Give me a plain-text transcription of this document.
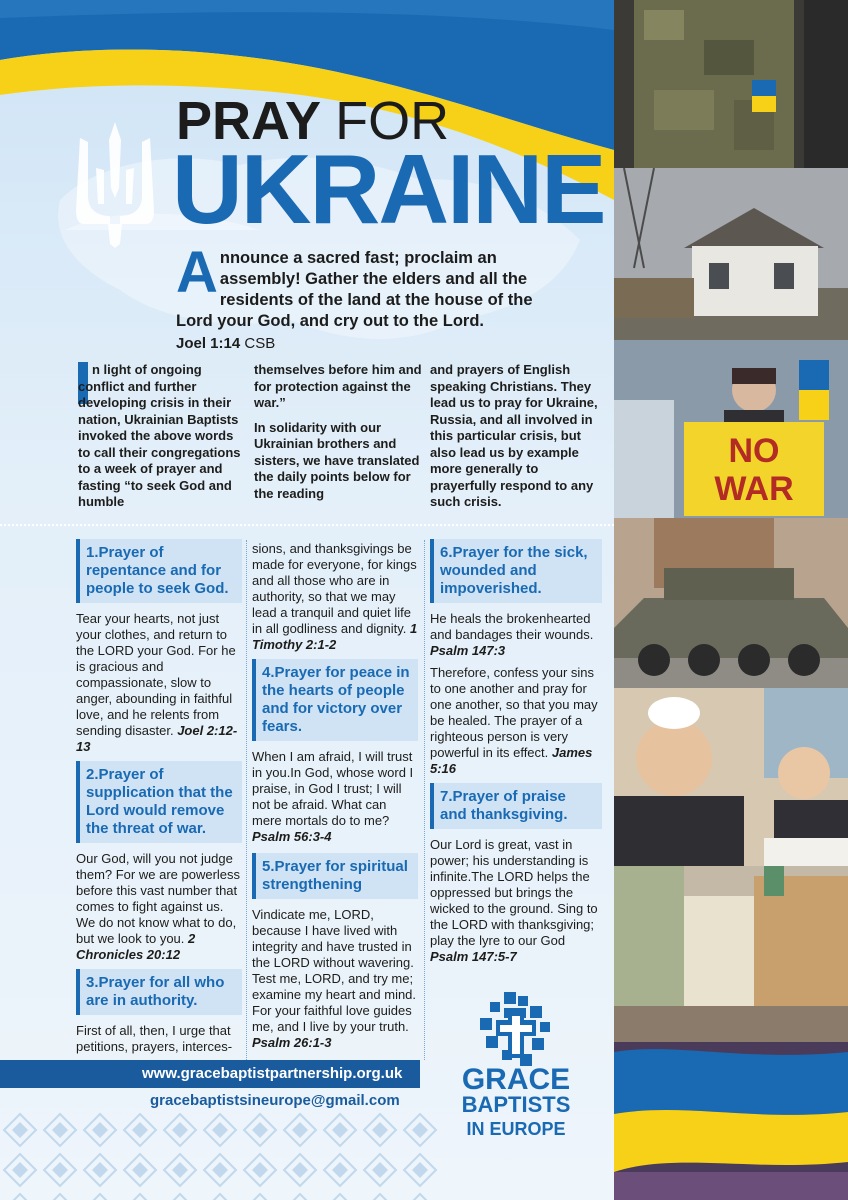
PRAY FOR
UKRAINE
Announce a sacred fast; proclaim an assembly! Gather the elders and all the residents of the land at the house of the Lord your God, and cry out to the Lord.
Joel 1:14 CSB

n light of ongoing conflict and further developing crisis in their nation, Ukrainian Baptists invoked the above words to call their congregations to a week of prayer and fasting “to seek God and humble

themselves before him and for protection against the war.”

In solidarity with our Ukrainian brothers and sisters, we have translated the daily points below for the reading

and prayers of English speaking Christians. They lead us to pray for Ukraine, Russia, and all involved in this particular crisis, but also lead us by example more generally to prayerfully respond to any such crisis.

1.Prayer of repentance and for people to seek God.

Tear your hearts, not just your clothes, and return to the LORD your God. For he is gracious and compassionate, slow to anger, abounding in faithful love, and he relents from sending disaster. Joel 2:12-13

2.Prayer of supplication that the Lord would remove the threat of war.

Our God, will you not judge them? For we are powerless before this vast number that comes to fight against us. We do not know what to do, but we look to you. 2 Chronicles 20:12

3.Prayer for all who are in authority.

First of all, then, I urge that petitions, prayers, interces-

sions, and thanksgivings be made for everyone, for kings and all those who are in authority, so that we may lead a tranquil and quiet life in all godliness and dignity. 1 Timothy 2:1-2

4.Prayer for peace in the hearts of people and for victory over fears.

When I am afraid, I will trust in you.In God, whose word I praise, in God I trust; I will not be afraid. What can mere mortals do to me? Psalm 56:3-4

5.Prayer for spiritual strengthening

Vindicate me, LORD, because I have lived with integrity and have trusted in the LORD without wavering. Test me, LORD, and try me; examine my heart and mind. For your faithful love guides me, and I live by your truth. Psalm 26:1-3

6.Prayer for the sick, wounded and impoverished.

He heals the brokenhearted and bandages their wounds. Psalm 147:3

Therefore, confess your sins to one another and pray for one another, so that you may be healed. The prayer of a righteous person is very powerful in its effect. James 5:16

7.Prayer of praise and thanksgiving.

Our Lord is great, vast in power; his understanding is infinite.The LORD helps the oppressed but brings the wicked to the ground. Sing to the LORD with thanksgiving; play the lyre to our God Psalm 147:5-7

GRACE
BAPTISTS
IN EUROPE
www.gracebaptistpartnership.org.uk
gracebaptistsineurope@gmail.com
NO
WAR
